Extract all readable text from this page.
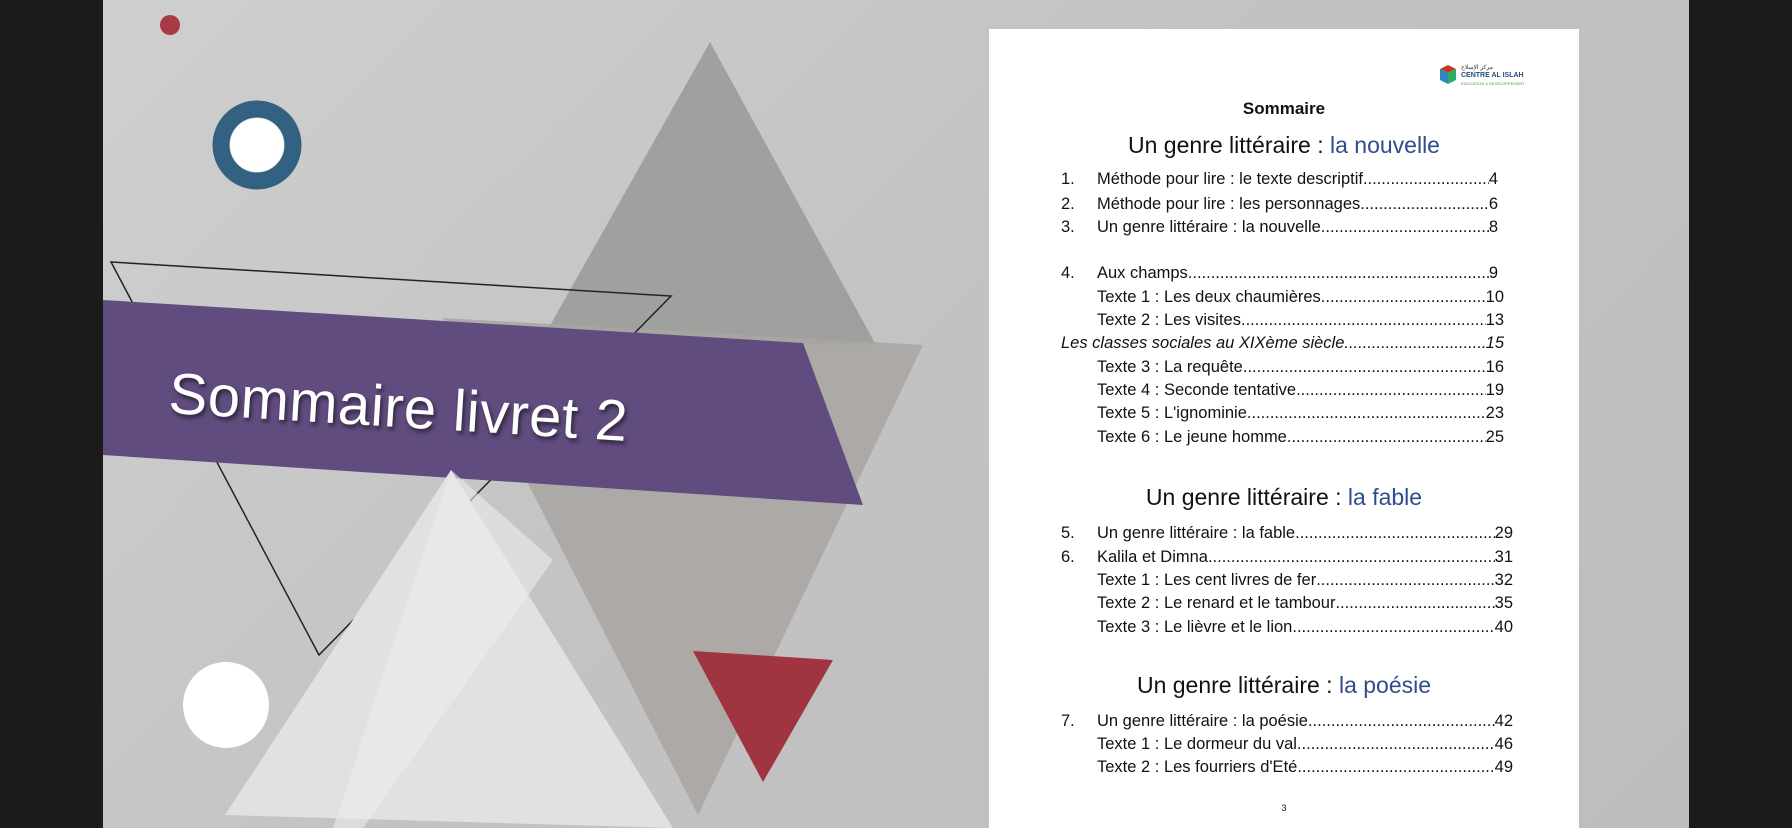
Sommaire livret 2
مركز الإسلاح
CENTRE AL ISLAH
EDUCATION & DEVELOPPEMENT
Sommaire
Un genre littéraire : la nouvelle
Un genre littéraire : la fable
Un genre littéraire : la poésie
1.	Méthode pour lire : le texte descriptif .....	4
2.	Méthode pour lire : les personnages .....	6
3.	Un genre littéraire : la nouvelle .....	8
4.	Aux champs .....	9
Texte 1 : Les deux chaumières .....	10
Texte 2 : Les visites .....	13
Les classes sociales au XIXème siècle .....	15
Texte 3 : La requête. .....	16
Texte 4 : Seconde tentative .....	19
Texte 5 : L'ignominie .....	23
Texte 6 : Le jeune homme .....	25
5.	Un genre littéraire : la fable .....	29
6.	Kalila et Dimna .....	31
Texte 1 : Les cent livres de fer .....	32
Texte 2 : Le renard et le tambour .....	35
Texte 3 : Le lièvre et le lion .....	40
7.	Un genre littéraire : la poésie .....	42
Texte 1 : Le dormeur du val .....	46
Texte 2 : Les fourriers d'Eté .....	49
3
